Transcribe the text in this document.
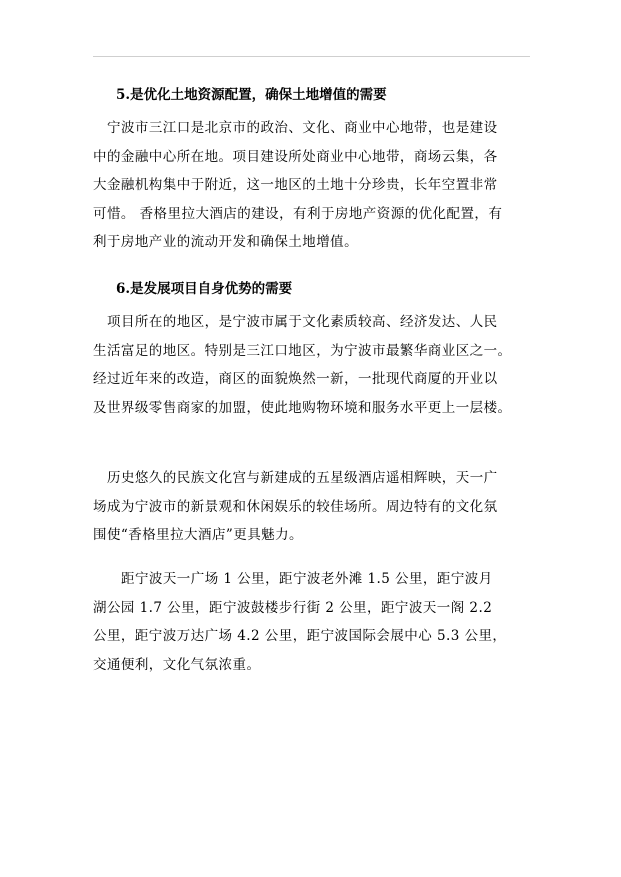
5.是优化土地资源配置，确保土地增值的需要
宁波市三江口是北京市的政治、文化、商业中心地带，也是建设
中的金融中心所在地。项目建设所处商业中心地带，商场云集，各
大金融机构集中于附近，这一地区的土地十分珍贵，长年空置非常
可惜。 香格里拉大酒店的建设，有利于房地产资源的优化配置，有
利于房地产业的流动开发和确保土地增值。
6.是发展项目自身优势的需要
项目所在的地区，是宁波市属于文化素质较高、经济发达、人民
生活富足的地区。特别是三江口地区，为宁波市最繁华商业区之一。
经过近年来的改造，商区的面貌焕然一新，一批现代商厦的开业以
及世界级零售商家的加盟，使此地购物环境和服务水平更上一层楼。
历史悠久的民族文化宫与新建成的五星级酒店遥相辉映，天一广
场成为宁波市的新景观和休闲娱乐的较佳场所。周边特有的文化氛
围使“香格里拉大酒店”更具魅力。
距宁波天一广场 1 公里，距宁波老外滩 1.5 公里，距宁波月
湖公园 1.7 公里，距宁波鼓楼步行街 2 公里，距宁波天一阁 2.2
公里，距宁波万达广场 4.2 公里，距宁波国际会展中心 5.3 公里，
交通便利，文化气氛浓重。
